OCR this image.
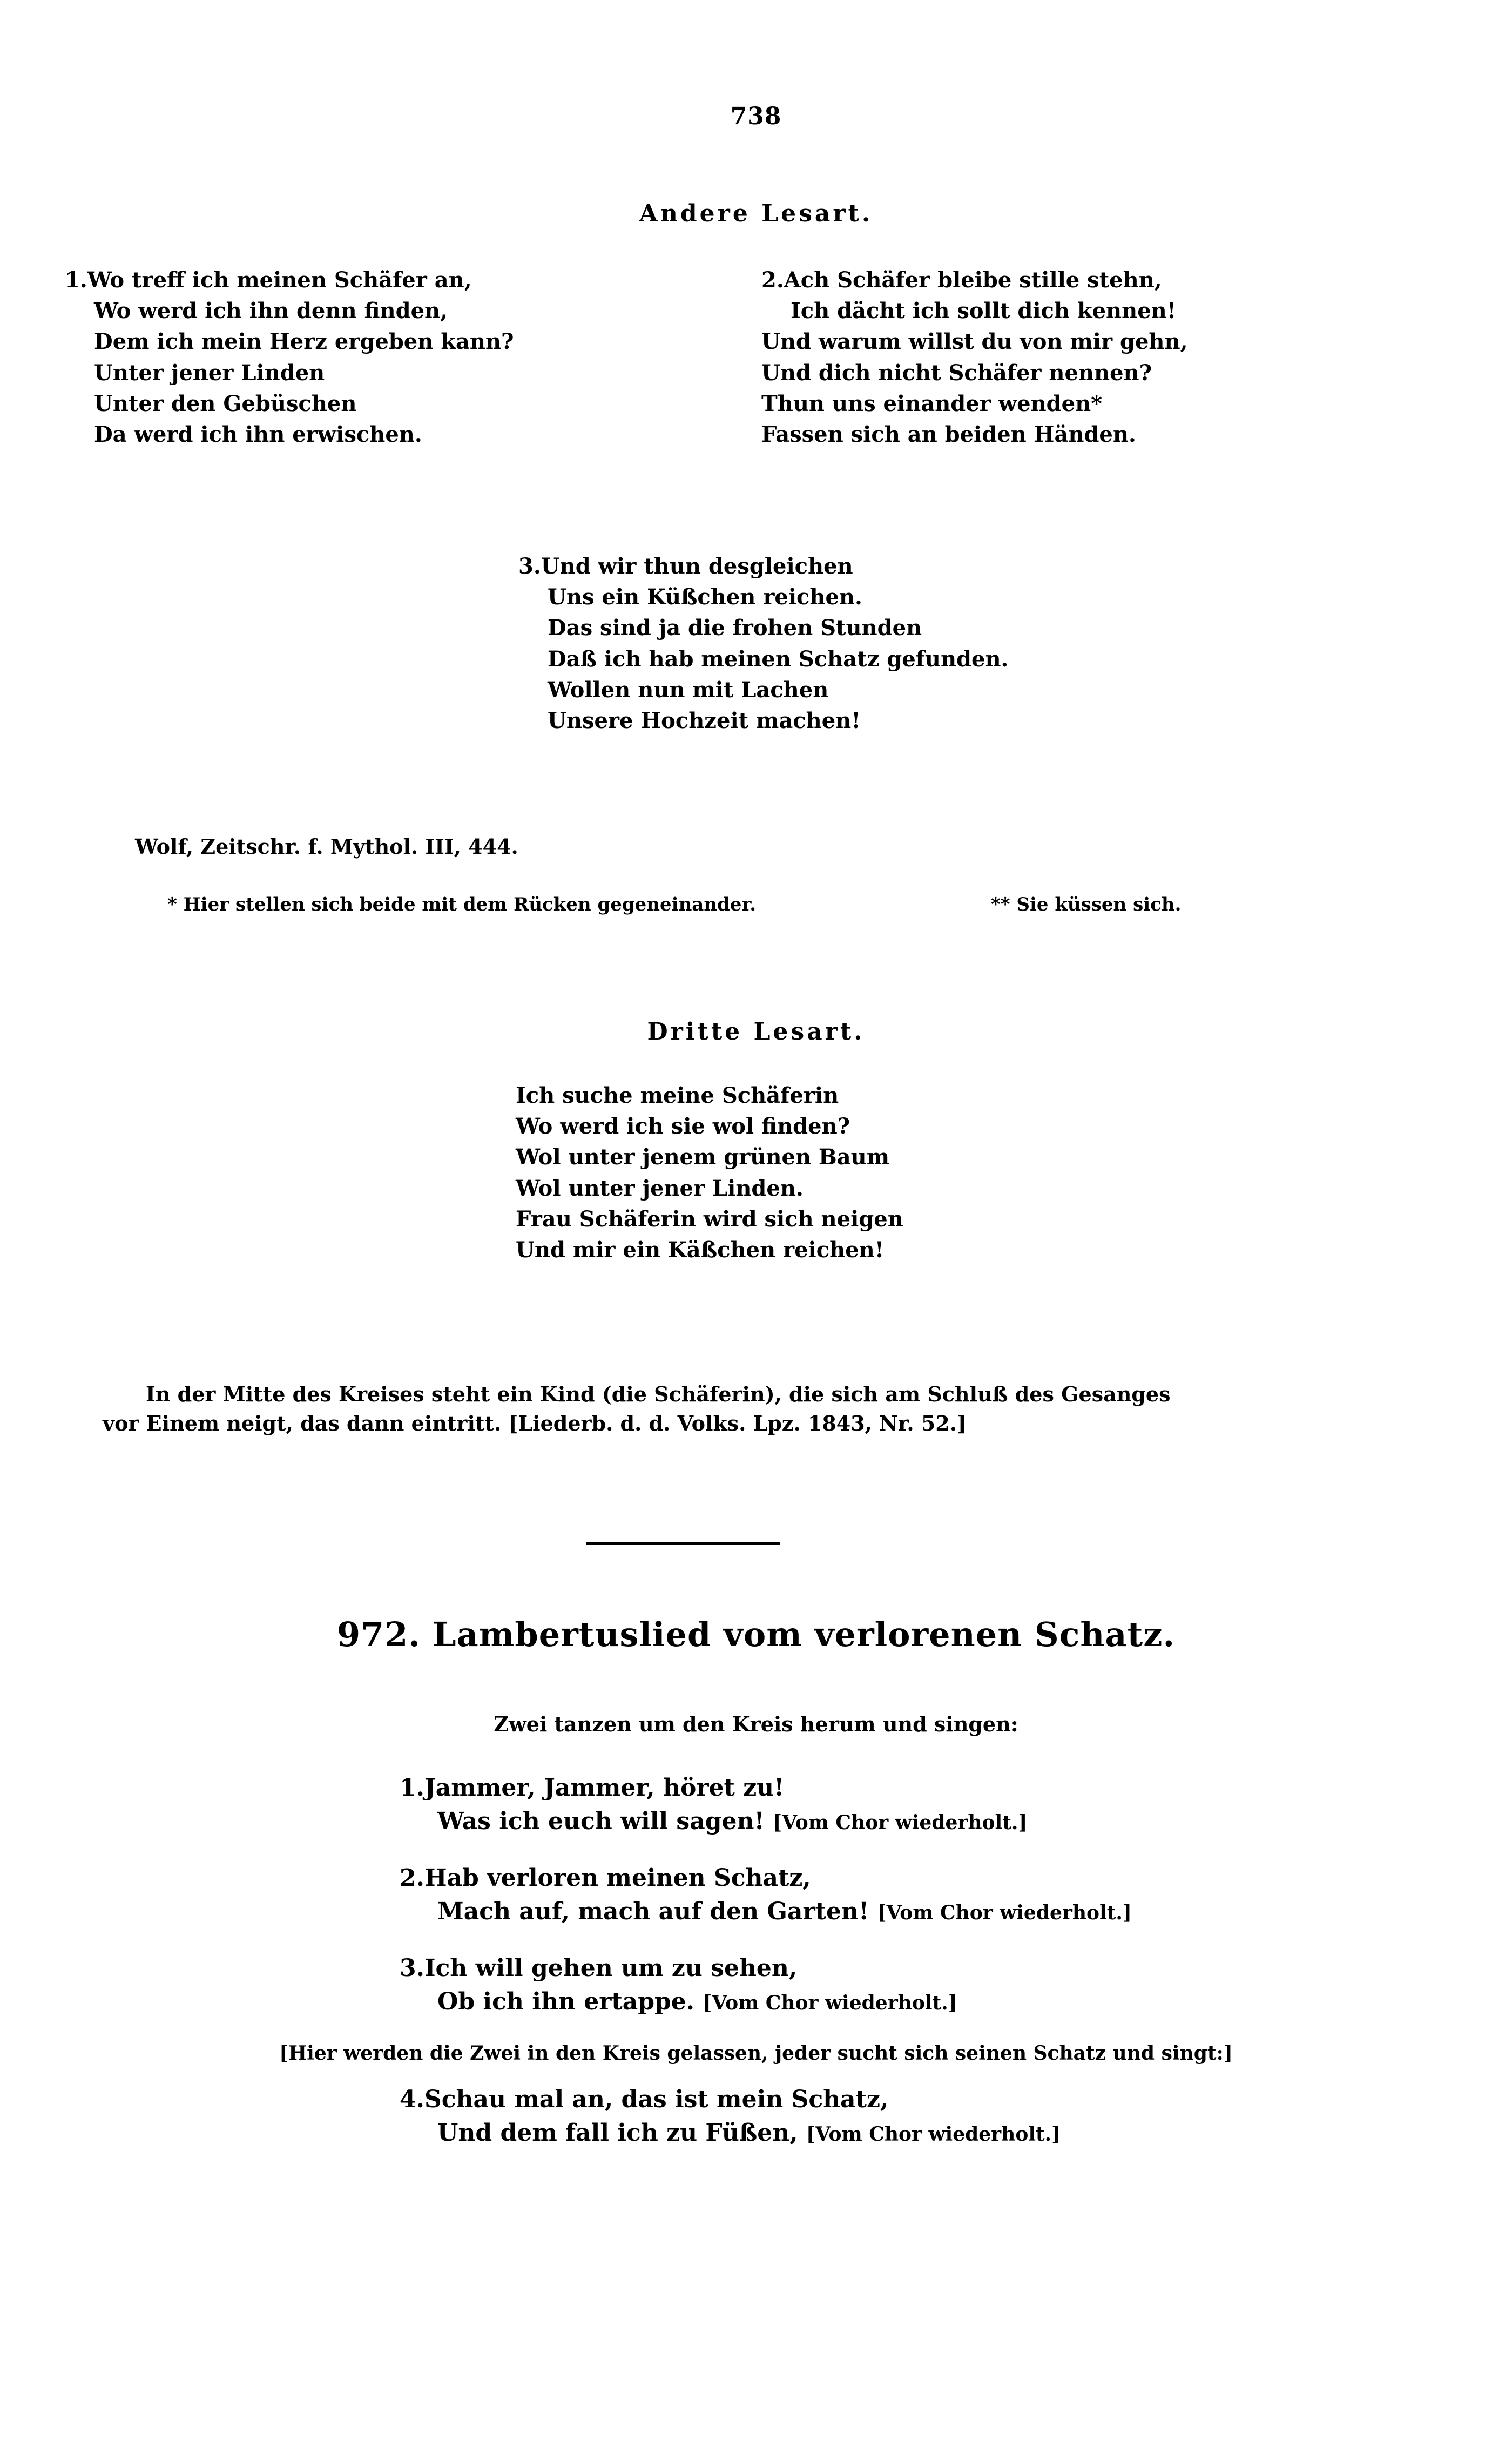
738
Andere Lesart.
1.Wo treff ich meinen Schäfer an,
Wo werd ich ihn denn finden,
Dem ich mein Herz ergeben kann?
Unter jener Linden
Unter den Gebüschen
Da werd ich ihn erwischen.
2.Ach Schäfer bleibe stille stehn,
Ich dächt ich sollt dich kennen!
Und warum willst du von mir gehn,
Und dich nicht Schäfer nennen?
Thun uns einander wenden*
Fassen sich an beiden Händen.
3.Und wir thun desgleichen
Uns ein Küßchen reichen.
Das sind ja die frohen Stunden
Daß ich hab meinen Schatz gefunden.
Wollen nun mit Lachen
Unsere Hochzeit machen!
Wolf, Zeitschr. f. Mythol. III, 444.
* Hier stellen sich beide mit dem Rücken gegeneinander.	** Sie küssen sich.
Dritte Lesart.
Ich suche meine Schäferin
Wo werd ich sie wol finden?
Wol unter jenem grünen Baum
Wol unter jener Linden.
Frau Schäferin wird sich neigen
Und mir ein Käßchen reichen!
In der Mitte des Kreises steht ein Kind (die Schäferin), die sich am Schluß des Gesanges
vor Einem neigt, das dann eintritt. [Liederb. d. d. Volks. Lpz. 1843, Nr. 52.]
972. Lambertuslied vom verlorenen Schatz.
Zwei tanzen um den Kreis herum und singen:
1.Jammer, Jammer, höret zu!
Was ich euch will sagen! [Vom Chor wiederholt.]
2.Hab verloren meinen Schatz,
Mach auf, mach auf den Garten! [Vom Chor wiederholt.]
3.Ich will gehen um zu sehen,
Ob ich ihn ertappe. [Vom Chor wiederholt.]
[Hier werden die Zwei in den Kreis gelassen, jeder sucht sich seinen Schatz und singt:]
4.Schau mal an, das ist mein Schatz,
Und dem fall ich zu Füßen, [Vom Chor wiederholt.]
